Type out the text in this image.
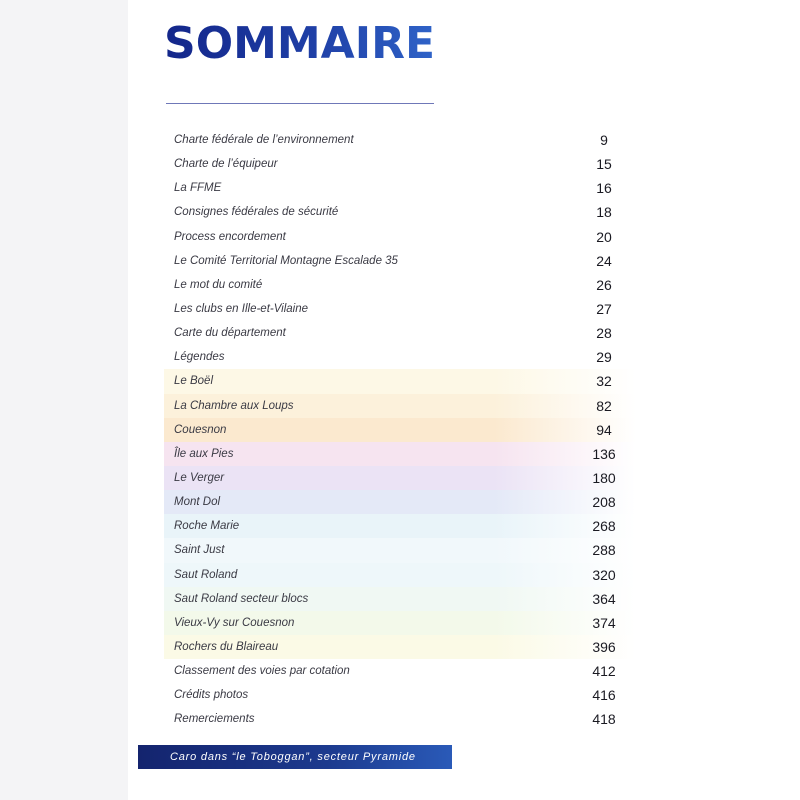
SOMMAIRE
Charte fédérale de l’environnement	9
Charte de l’équipeur	15
La FFME	16
Consignes fédérales de sécurité	18
Process encordement	20
Le Comité Territorial Montagne Escalade 35	24
Le mot du comité	26
Les clubs en Ille-et-Vilaine	27
Carte du département	28
Légendes	29
Le Boël	32
La Chambre aux Loups	82
Couesnon	94
Île aux Pies	136
Le Verger	180
Mont Dol	208
Roche Marie	268
Saint Just	288
Saut Roland	320
Saut Roland secteur blocs	364
Vieux-Vy sur Couesnon	374
Rochers du Blaireau	396
Classement des voies par cotation	412
Crédits photos	416
Remerciements	418
Caro dans “le Toboggan”, secteur Pyramide
